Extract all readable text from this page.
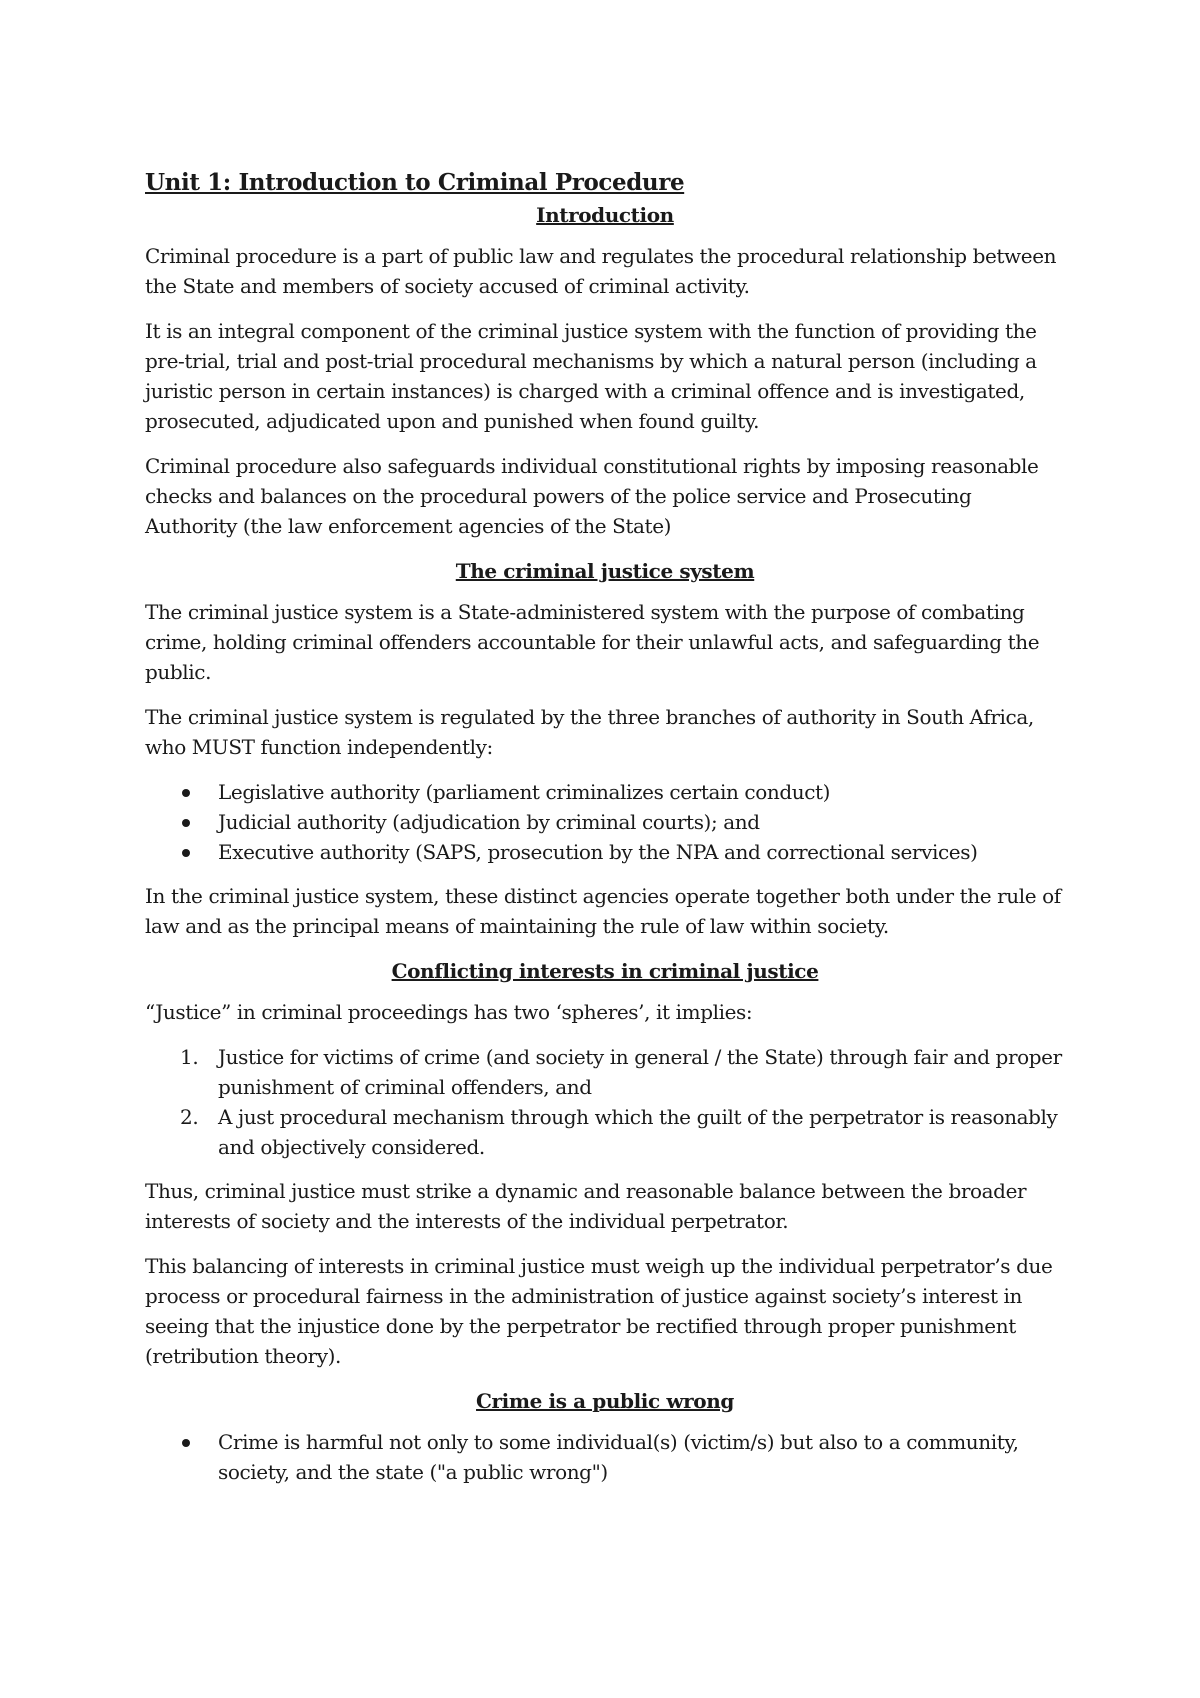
Unit 1: Introduction to Criminal Procedure
Introduction

Criminal procedure is a part of public law and regulates the procedural relationship between the State and members of society accused of criminal activity.

It is an integral component of the criminal justice system with the function of providing the pre-trial, trial and post-trial procedural mechanisms by which a natural person (including a juristic person in certain instances) is charged with a criminal offence and is investigated, prosecuted, adjudicated upon and punished when found guilty.

Criminal procedure also safeguards individual constitutional rights by imposing reasonable checks and balances on the procedural powers of the police service and Prosecuting Authority (the law enforcement agencies of the State)

The criminal justice system

The criminal justice system is a State-administered system with the purpose of combating crime, holding criminal offenders accountable for their unlawful acts, and safeguarding the public.

The criminal justice system is regulated by the three branches of authority in South Africa, who MUST function independently:

Legislative authority (parliament criminalizes certain conduct)
Judicial authority (adjudication by criminal courts); and
Executive authority (SAPS, prosecution by the NPA and correctional services)

In the criminal justice system, these distinct agencies operate together both under the rule of law and as the principal means of maintaining the rule of law within society.

Conflicting interests in criminal justice

“Justice” in criminal proceedings has two ‘spheres’, it implies:

1. Justice for victims of crime (and society in general / the State) through fair and proper punishment of criminal offenders, and
2. A just procedural mechanism through which the guilt of the perpetrator is reasonably and objectively considered.

Thus, criminal justice must strike a dynamic and reasonable balance between the broader interests of society and the interests of the individual perpetrator.

This balancing of interests in criminal justice must weigh up the individual perpetrator’s due process or procedural fairness in the administration of justice against society’s interest in seeing that the injustice done by the perpetrator be rectified through proper punishment (retribution theory).

Crime is a public wrong
Crime is harmful not only to some individual(s) (victim/s) but also to a community, society, and the state ("a public wrong")
